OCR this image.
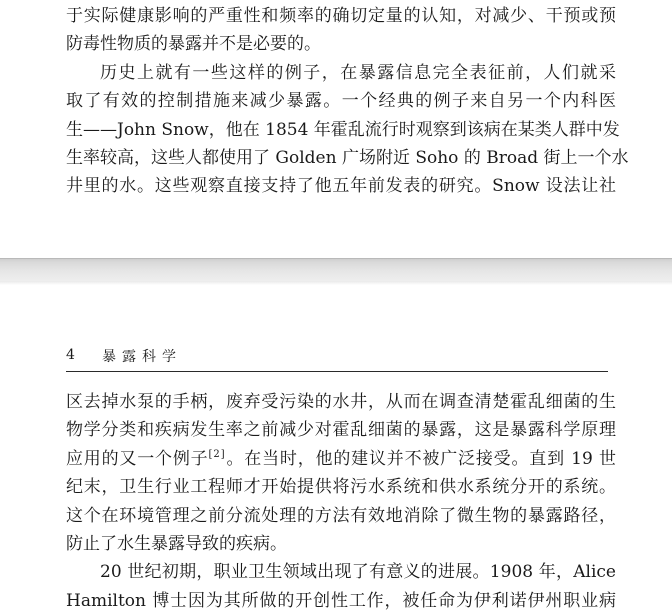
于实际健康影响的严重性和频率的确切定量的认知，对减少、干预或预
防毒性物质的暴露并不是必要的。
历史上就有一些这样的例子，在暴露信息完全表征前，人们就采
取了有效的控制措施来减少暴露。一个经典的例子来自另一个内科医
生——John Snow，他在 1854 年霍乱流行时观察到该病在某类人群中发
生率较高，这些人都使用了 Golden 广场附近 Soho 的 Broad 街上一个水
井里的水。这些观察直接支持了他五年前发表的研究。Snow 设法让社
4 暴露科学
区去掉水泵的手柄，废弃受污染的水井，从而在调查清楚霍乱细菌的生
物学分类和疾病发生率之前减少对霍乱细菌的暴露，这是暴露科学原理
应用的又一个例子[2]。在当时，他的建议并不被广泛接受。直到 19 世
纪末，卫生行业工程师才开始提供将污水系统和供水系统分开的系统。
这个在环境管理之前分流处理的方法有效地消除了微生物的暴露路径，
防止了水生暴露导致的疾病。
20 世纪初期，职业卫生领域出现了有意义的进展。1908 年，Alice
Hamilton 博士因为其所做的开创性工作，被任命为伊利诺伊州职业病
